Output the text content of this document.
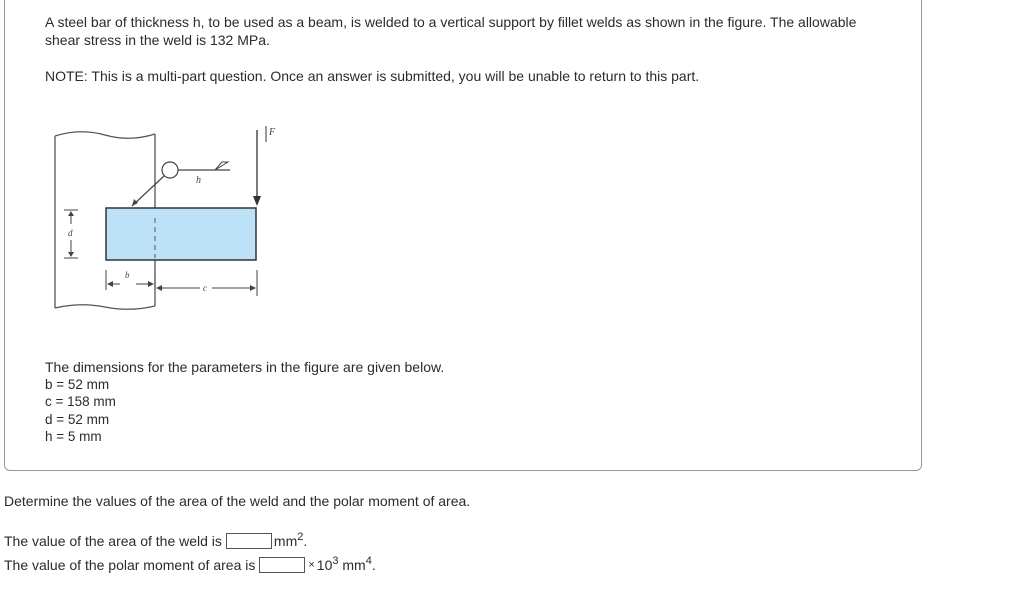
A steel bar of thickness h, to be used as a beam, is welded to a vertical support by fillet welds as shown in the figure. The allowable shear stress in the weld is 132 MPa.

NOTE: This is a multi-part question. Once an answer is submitted, you will be unable to return to this part.

h
F
d
b
c

The dimensions for the parameters in the figure are given below.

b = 52 mm
c = 158 mm
d = 52 mm
h = 5 mm

Determine the values of the area of the weld and the polar moment of area.

The value of the area of the weld is	$mm^2$.
The value of the polar moment of area is	× $10^3$ $mm^4$.
